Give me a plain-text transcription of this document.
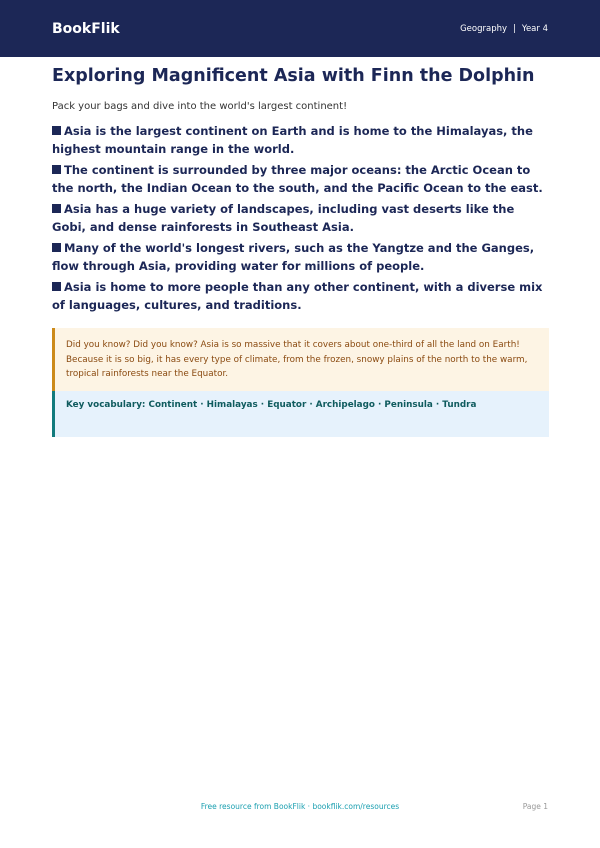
BookFlik	Geography | Year 4
Exploring Magnificent Asia with Finn the Dolphin

Pack your bags and dive into the world's largest continent!

Asia is the largest continent on Earth and is home to the Himalayas, the highest mountain range in the world.
The continent is surrounded by three major oceans: the Arctic Ocean to the north, the Indian Ocean to the south, and the Pacific Ocean to the east.
Asia has a huge variety of landscapes, including vast deserts like the Gobi, and dense rainforests in Southeast Asia.
Many of the world's longest rivers, such as the Yangtze and the Ganges, flow through Asia, providing water for millions of people.
Asia is home to more people than any other continent, with a diverse mix of languages, cultures, and traditions.
Did you know? Did you know? Asia is so massive that it covers about one-third of all the land on Earth! Because it is so big, it has every type of climate, from the frozen, snowy plains of the north to the warm, tropical rainforests near the Equator.
Key vocabulary: Continent · Himalayas · Equator · Archipelago · Peninsula · Tundra
Free resource from BookFlik · bookflik.com/resources	Page 1
